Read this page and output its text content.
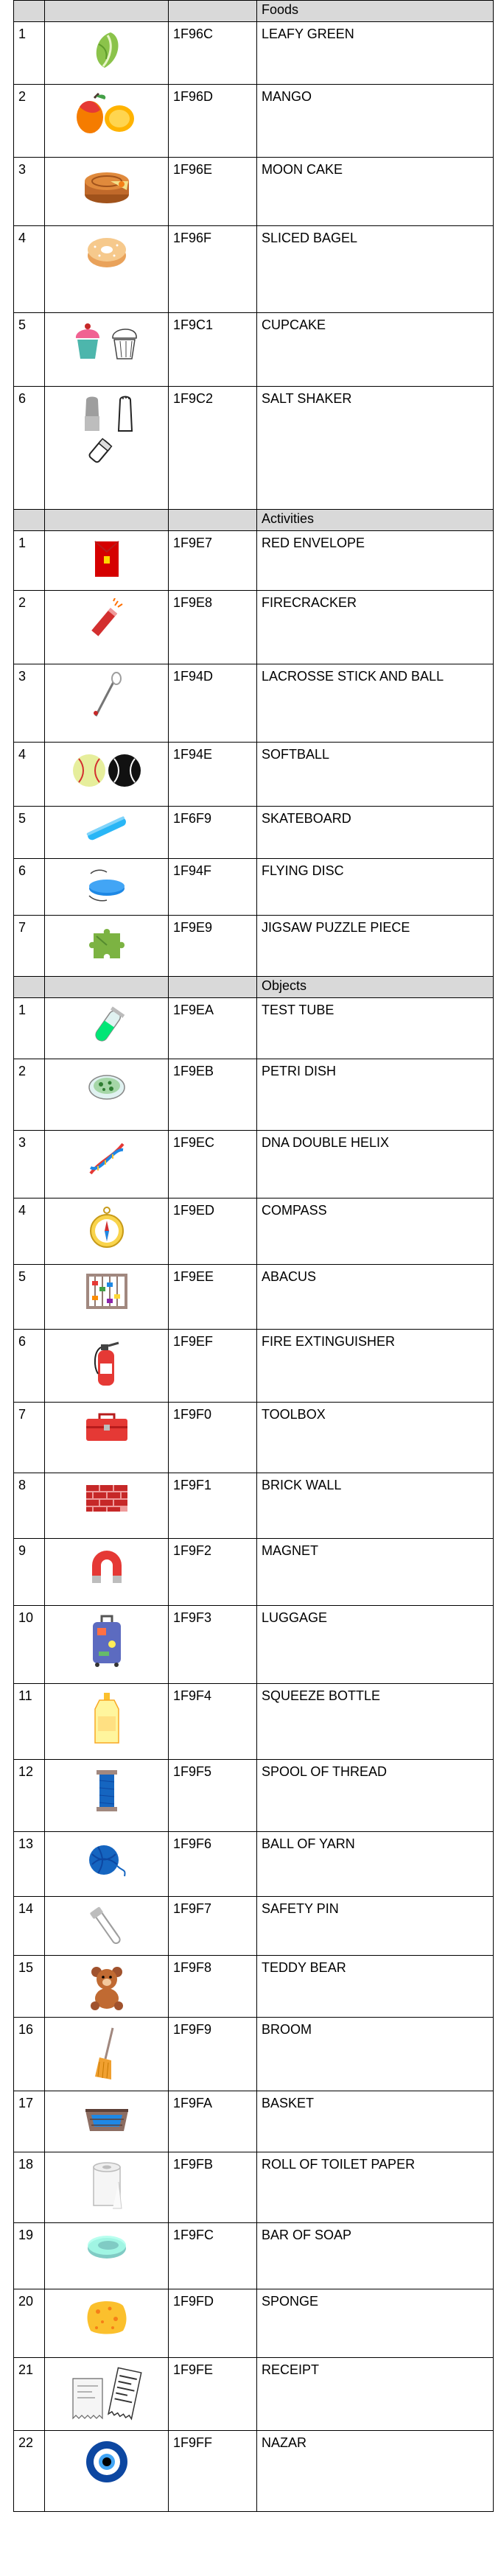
			Foods
1		1F96C	LEAFY GREEN
2		1F96D	MANGO
3		1F96E	MOON CAKE
4		1F96F	SLICED BAGEL
5		1F9C1	CUPCAKE
6		1F9C2	SALT SHAKER
			Activities
1		1F9E7	RED ENVELOPE
2		1F9E8	FIRECRACKER
3		1F94D	LACROSSE STICK AND BALL
4		1F94E	SOFTBALL
5		1F6F9	SKATEBOARD
6		1F94F	FLYING DISC
7		1F9E9	JIGSAW PUZZLE PIECE
			Objects
1		1F9EA	TEST TUBE
2		1F9EB	PETRI DISH
3		1F9EC	DNA DOUBLE HELIX
4		1F9ED	COMPASS
5		1F9EE	ABACUS
6		1F9EF	FIRE EXTINGUISHER
7		1F9F0	TOOLBOX
8		1F9F1	BRICK WALL
9		1F9F2	MAGNET
10		1F9F3	LUGGAGE
11		1F9F4	SQUEEZE BOTTLE
12		1F9F5	SPOOL OF THREAD
13		1F9F6	BALL OF YARN
14		1F9F7	SAFETY PIN
15		1F9F8	TEDDY BEAR
16		1F9F9	BROOM
17		1F9FA	BASKET
18		1F9FB	ROLL OF TOILET PAPER
19		1F9FC	BAR OF SOAP
20		1F9FD	SPONGE
21		1F9FE	RECEIPT
22		1F9FF	NAZAR
